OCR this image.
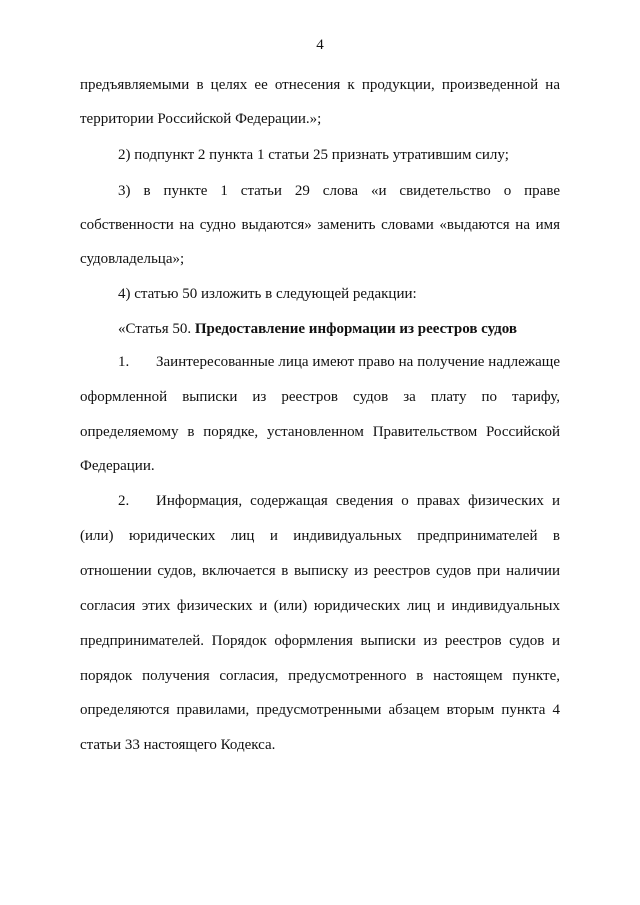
4
предъявляемыми в целях ее отнесения к продукции, произведенной на
территории Российской Федерации.»;
2) подпункт 2 пункта 1 статьи 25 признать утратившим силу;
3) в пункте 1 статьи 29 слова «и свидетельство о праве
собственности на судно выдаются» заменить словами «выдаются на имя
судовладельца»;
4) статью 50 изложить в следующей редакции:
«Статья 50. Предоставление информации из реестров судов
1. Заинтересованные лица имеют право на получение надлежаще
оформленной выписки из реестров судов за плату по тарифу,
определяемому в порядке, установленном Правительством Российской
Федерации.
2. Информация, содержащая сведения о правах физических и
(или) юридических лиц и индивидуальных предпринимателей в
отношении судов, включается в выписку из реестров судов при наличии
согласия этих физических и (или) юридических лиц и индивидуальных
предпринимателей. Порядок оформления выписки из реестров судов и
порядок получения согласия, предусмотренного в настоящем пункте,
определяются правилами, предусмотренными абзацем вторым пункта 4
статьи 33 настоящего Кодекса.
